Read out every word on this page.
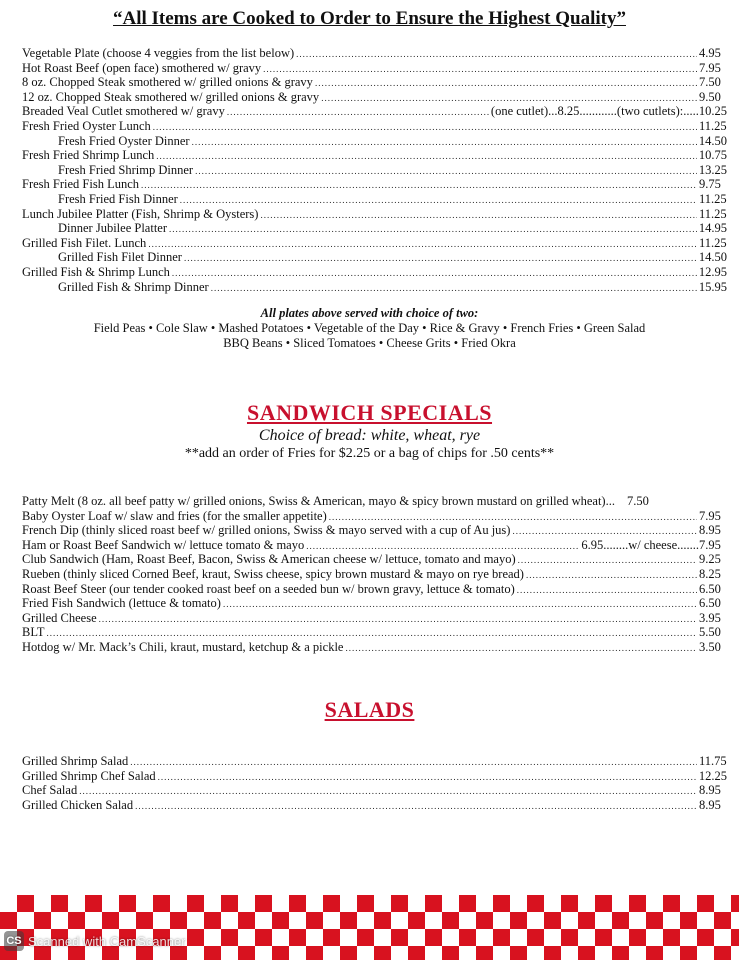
“All Items are Cooked to Order to Ensure the Highest Quality”
Vegetable Plate (choose 4 veggies from the list below) .....	4.95
Hot Roast Beef (open face) smothered w/ gravy .....	7.95
8 oz. Chopped Steak smothered w/ grilled onions & gravy .....	7.50
12 oz. Chopped Steak smothered w/ grilled onions & gravy .....	9.50
Breaded Veal Cutlet smothered w/ gravy .....	(one cutlet)...8.25............(two cutlets):..... 10.25
Fresh Fried Oyster Lunch .....	11.25
Fresh Fried Oyster Dinner .....	14.50
Fresh Fried Shrimp Lunch .....	10.75
Fresh Fried Shrimp Dinner .....	13.25
Fresh Fried Fish Lunch .....	9.75
Fresh Fried Fish Dinner .....	11.25
Lunch Jubilee Platter (Fish, Shrimp & Oysters) .....	11.25
Dinner Jubilee Platter .....	14.95
Grilled Fish Filet. Lunch .....	11.25
Grilled Fish Filet Dinner .....	14.50
Grilled Fish & Shrimp Lunch .....	12.95
Grilled Fish & Shrimp Dinner .....	15.95
All plates above served with choice of two:
Field Peas • Cole Slaw • Mashed Potatoes • Vegetable of the Day • Rice & Gravy • French Fries • Green Salad
BBQ Beans • Sliced Tomatoes • Cheese Grits • Fried Okra
SANDWICH SPECIALS
Choice of bread: white, wheat, rye
**add an order of Fries for $2.25 or a bag of chips for .50 cents**
Patty Melt (8 oz. all beef patty w/ grilled onions, Swiss & American, mayo & spicy brown mustard on grilled wheat)... 7.50
Baby Oyster Loaf w/ slaw and fries (for the smaller appetite) .....	7.95
French Dip (thinly sliced roast beef w/ grilled onions, Swiss & mayo served with a cup of Au jus) .....	8.95
Ham or Roast Beef Sandwich w/ lettuce tomato & mayo .....	6.95........w/ cheese....... 7.95
Club Sandwich (Ham, Roast Beef, Bacon, Swiss & American cheese w/ lettuce, tomato and mayo) .....	9.25
Rueben (thinly sliced Corned Beef, kraut, Swiss cheese, spicy brown mustard & mayo on rye bread) .....	8.25
Roast Beef Steer (our tender cooked roast beef on a seeded bun w/ brown gravy, lettuce & tomato) .....	6.50
Fried Fish Sandwich (lettuce & tomato) .....	6.50
Grilled Cheese .....	3.95
BLT .....	5.50
Hotdog w/ Mr. Mack’s Chili, kraut, mustard, ketchup & a pickle .....	3.50
SALADS
Grilled Shrimp Salad .....	11.75
Grilled Shrimp Chef Salad .....	12.25
Chef Salad .....	8.95
Grilled Chicken Salad .....	8.95
CS Scanned with CamScanner
